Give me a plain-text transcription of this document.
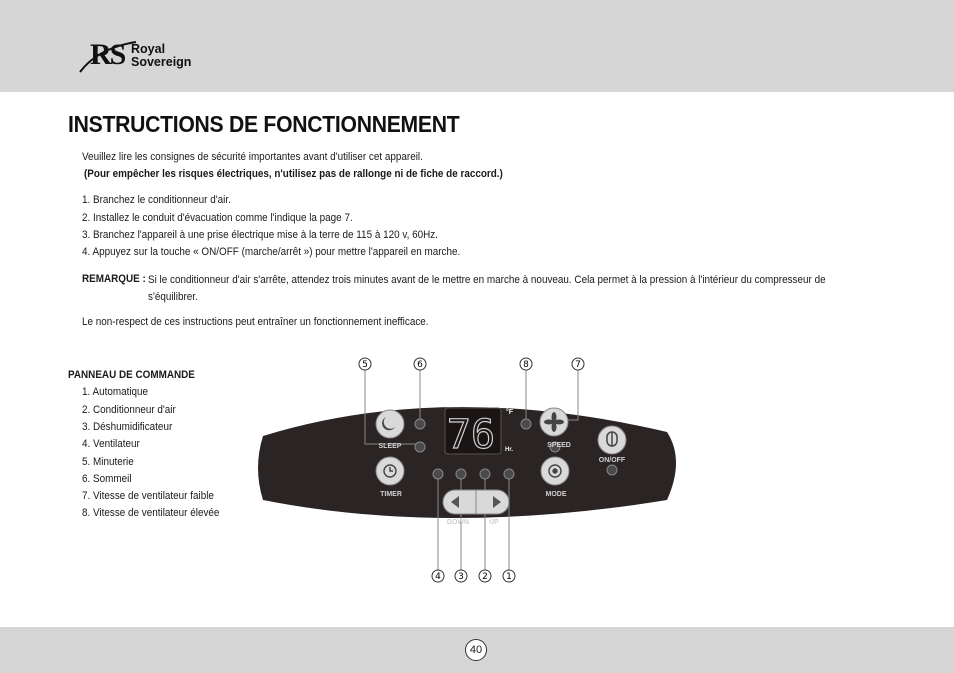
RS Royal
Sovereign
INSTRUCTIONS DE FONCTIONNEMENT
Veuillez lire les consignes de sécurité importantes avant d'utiliser cet appareil.
(Pour empêcher les risques électriques, n'utilisez pas de rallonge ni de fiche de raccord.)
1. Branchez le conditionneur d'air.
2. Installez le conduit d'évacuation comme l'indique la page 7.
3. Branchez l'appareil à une prise électrique mise à la terre de 115 à 120 v, 60Hz.
4. Appuyez sur la touche « ON/OFF (marche/arrêt ») pour mettre l'appareil en marche.
REMARQUE : Si le conditionneur d'air s'arrête, attendez trois minutes avant de le mettre en marche à nouveau. Cela permet à la pression à l'intérieur du compresseur de s'équilibrer.
Le non-respect de ces instructions peut entraîner un fonctionnement inefficace.
PANNEAU DE COMMANDE
1. Automatique
2. Conditionneur d'air
3. Déshumidificateur
4. Ventilateur
5. Minuterie
6. Sommeil
7. Vitesse de ventilateur faible
8. Vitesse de ventilateur élevée
5	6	8	7
4 3 2 1
SLEEP 76 °F
Hr.
SPEED
ON/OFF
TIMER	MODE
DOWN	UP
40
